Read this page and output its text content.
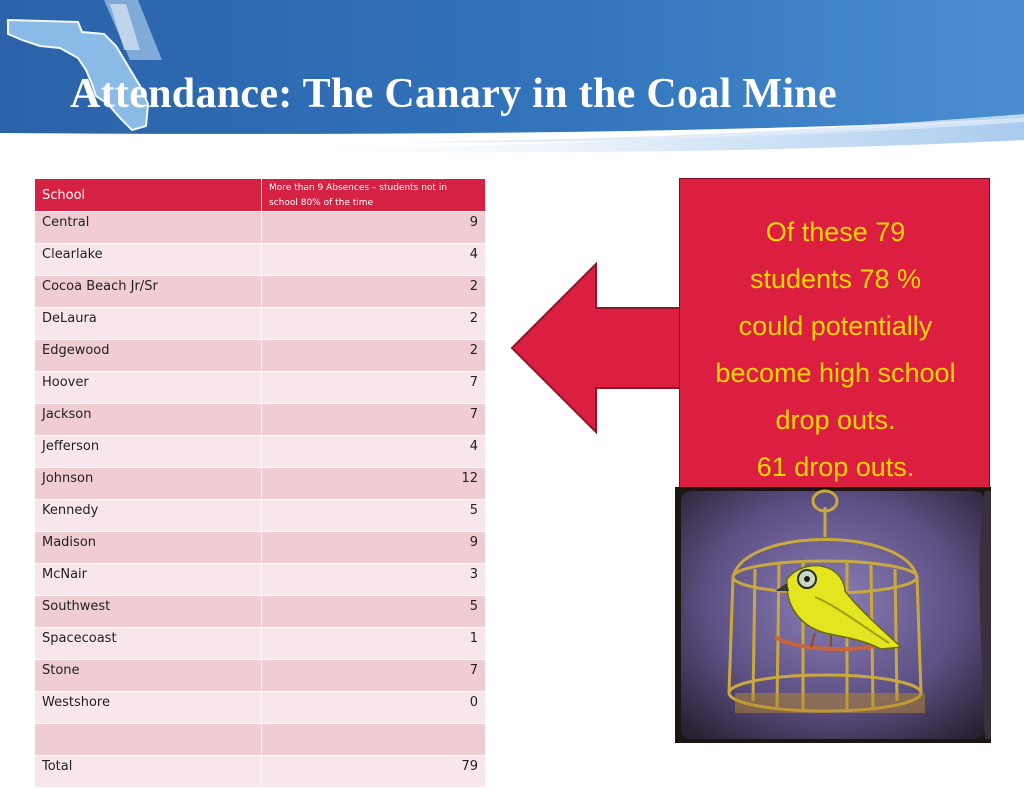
Attendance: The Canary in the Coal Mine
School	More than 9 Absences – students not in school 80% of the time
Central	9
Clearlake	4
Cocoa Beach Jr/Sr	2
DeLaura	2
Edgewood	2
Hoover	7
Jackson	7
Jefferson	4
Johnson	12
Kennedy	5
Madison	9
McNair	3
Southwest	5
Spacecoast	1
Stone	7
Westshore	0

Total	79
Of these 79
students 78 %
could potentially
become high school
drop outs.
61 drop outs.
